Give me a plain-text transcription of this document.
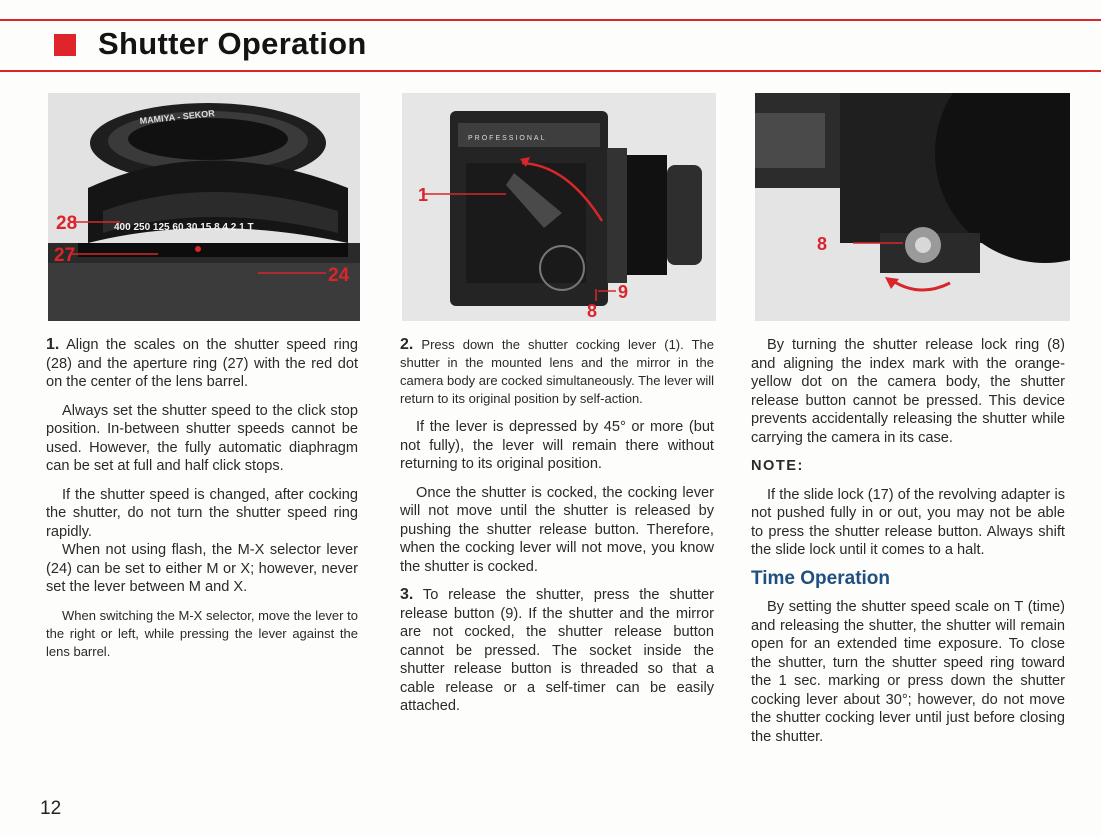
Shutter Operation
MAMIYA - SEKOR
400 250 125 60 30 15 8 4 2 1 T
28
27
24
PROFESSIONAL
1
9
8
8

1. Align the scales on the shutter speed ring (28) and the aperture ring (27) with the red dot on the center of the lens barrel.

Always set the shutter speed to the click stop position. In-between shutter speeds cannot be used. However, the fully automatic diaphragm can be set at full and half click stops.

If the shutter speed is changed, after cocking the shutter, do not turn the shutter speed ring rapidly.

When not using flash, the M-X selector lever (24) can be set to either M or X; however, never set the lever between M and X.

When switching the M-X selector, move the lever to the right or left, while pressing the lever against the lens barrel.

2. Press down the shutter cocking lever (1). The shutter in the mounted lens and the mirror in the camera body are cocked simultaneously. The lever will return to its original position by self-action.

If the lever is depressed by 45° or more (but not fully), the lever will remain there without returning to its original position.

Once the shutter is cocked, the cocking lever will not move until the shutter is released by pushing the shutter release button. Therefore, when the cocking lever will not move, you know the shutter is cocked.

3. To release the shutter, press the shutter release button (9). If the shutter and the mirror are not cocked, the shutter release button cannot be pressed. The socket inside the shutter release button is threaded so that a cable release or a self-timer can be easily attached.

By turning the shutter release lock ring (8) and aligning the index mark with the orange-yellow dot on the camera body, the shutter release button cannot be pressed. This device prevents accidentally releasing the shutter while carrying the camera in its case.

NOTE:

If the slide lock (17) of the revolving adapter is not pushed fully in or out, you may not be able to press the shutter release button. Always shift the slide lock until it comes to a halt.

Time Operation

By setting the shutter speed scale on T (time) and releasing the shutter, the shutter will remain open for an extended time exposure. To close the shutter, turn the shutter speed ring toward the 1 sec. marking or press down the shutter cocking lever about 30°; however, do not move the shutter cocking lever until just before closing the shutter.

12
